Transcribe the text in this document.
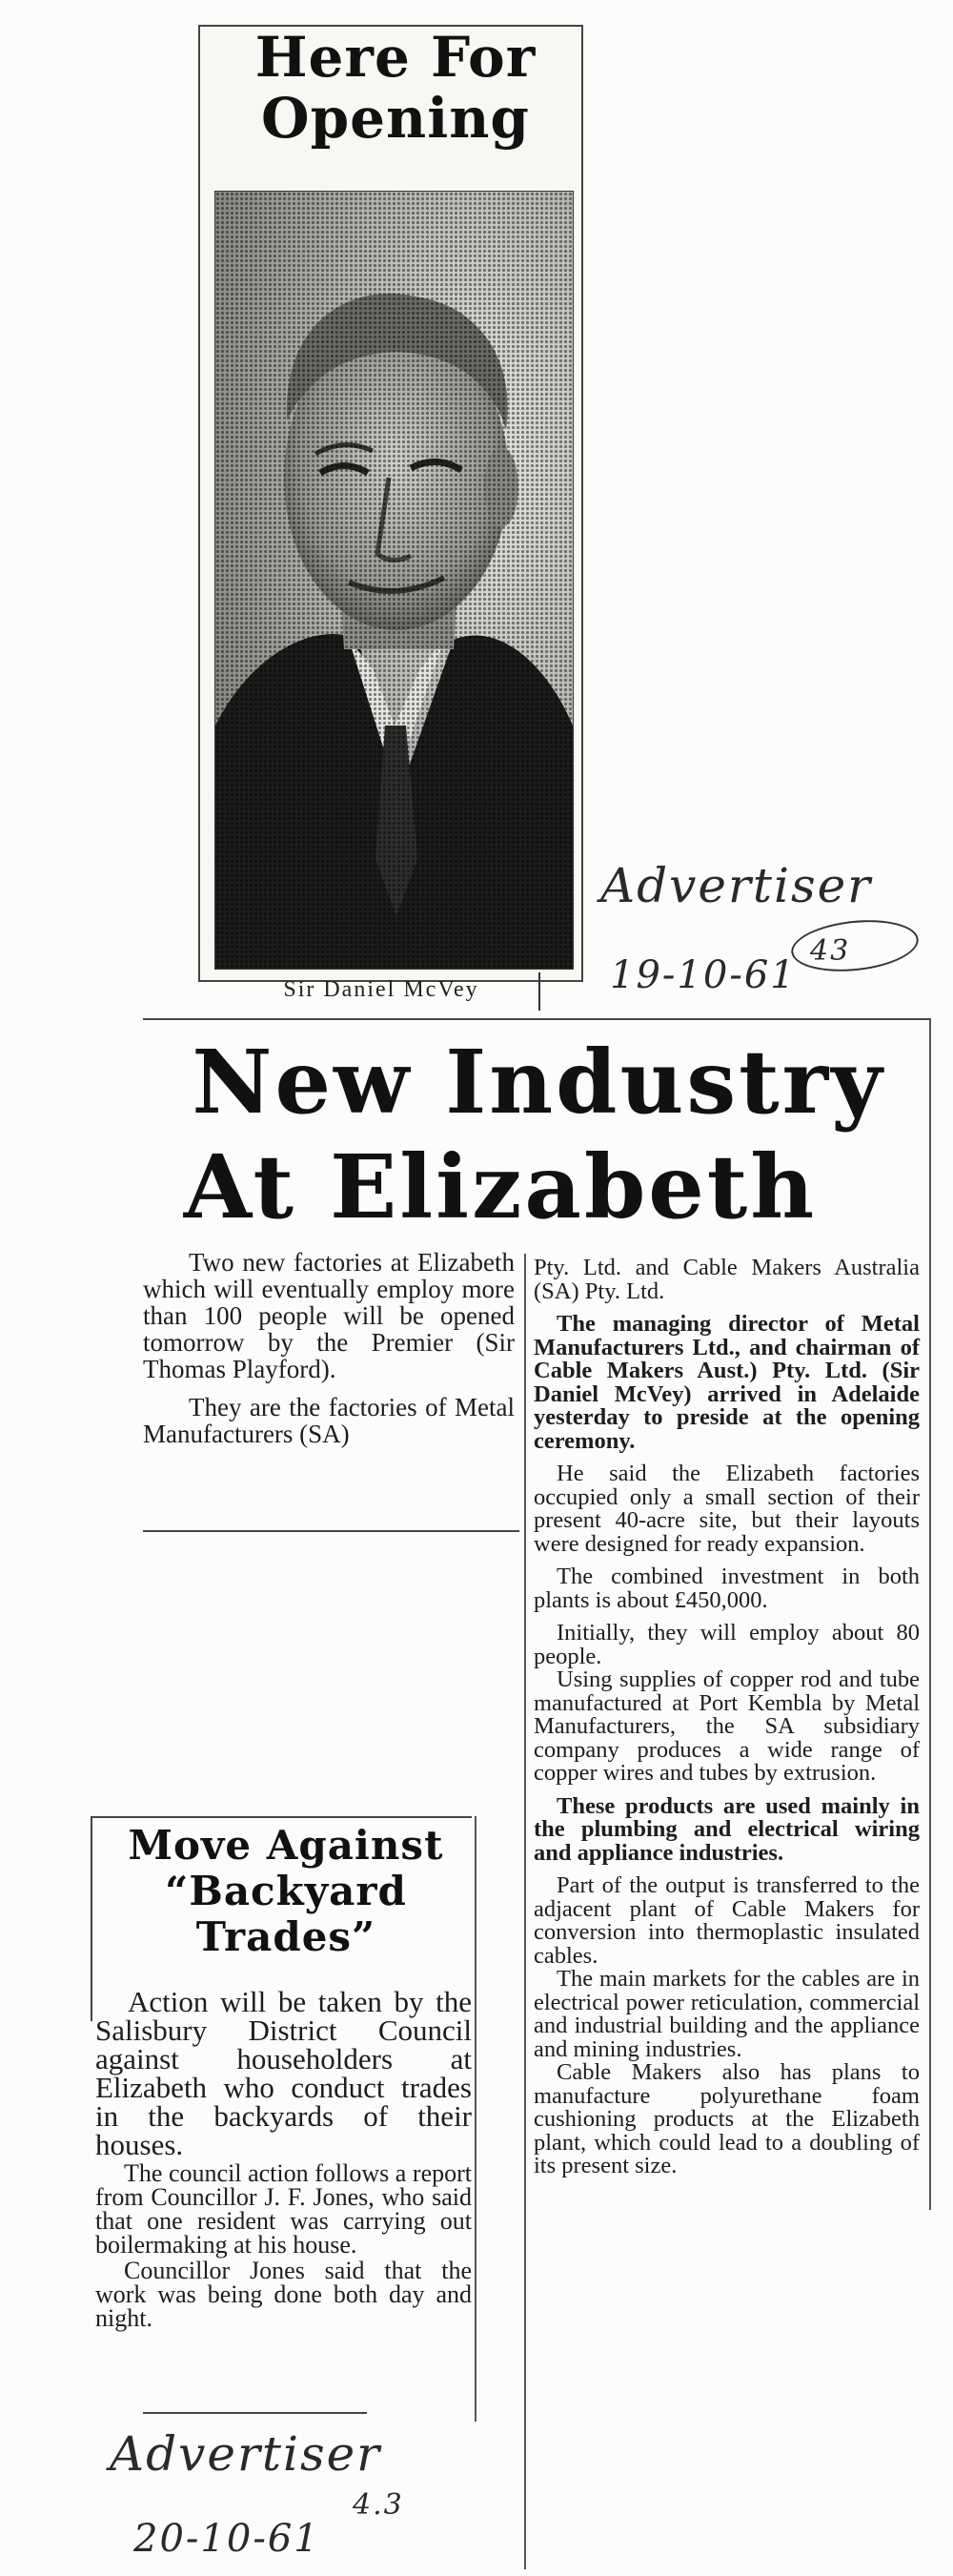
Here For
Opening
Sir Daniel McVey
Advertiser
19-10-61
43
New Industry
At Elizabeth

Two new factories at Elizabeth which will eventually employ more than 100 people will be opened tomorrow by the Premier (Sir Thomas Playford).

They are the factories of Metal Manufacturers (SA)

Pty. Ltd. and Cable Makers Australia (SA) Pty. Ltd.

The managing director of Metal Manufacturers Ltd., and chairman of Cable Makers Aust.) Pty. Ltd. (Sir Daniel McVey) arrived in Adelaide yesterday to preside at the opening ceremony.

He said the Elizabeth factories occupied only a small section of their present 40-acre site, but their layouts were designed for ready expansion.

The combined investment in both plants is about £450,000.

Initially, they will employ about 80 people.

Using supplies of copper rod and tube manufactured at Port Kembla by Metal Manufacturers, the SA subsidiary company produces a wide range of copper wires and tubes by extrusion.

These products are used mainly in the plumbing and electrical wiring and appliance industries.

Part of the output is transferred to the adjacent plant of Cable Makers for conversion into thermoplastic insulated cables.

The main markets for the cables are in electrical power reticulation, commercial and industrial building and the appliance and mining industries.

Cable Makers also has plans to manufacture polyurethane foam cushioning products at the Elizabeth plant, which could lead to a doubling of its present size.

Move Against
“Backyard
Trades”

Action will be taken by the Salisbury District Council against householders at Elizabeth who conduct trades in the backyards of their houses.

The council action follows a report from Councillor J. F. Jones, who said that one resident was carrying out boilermaking at his house.

Councillor Jones said that the work was being done both day and night.

Advertiser
20-10-61
4.3
